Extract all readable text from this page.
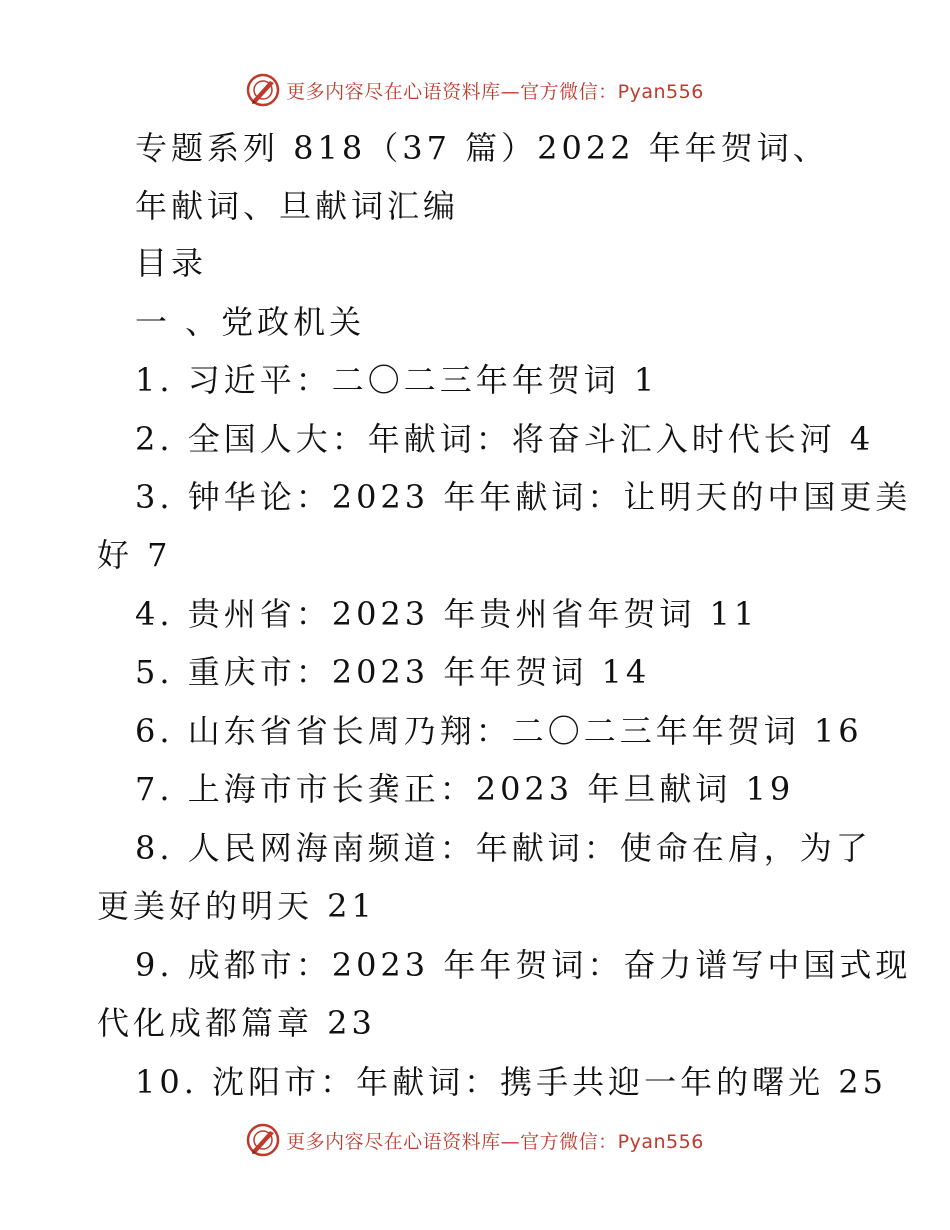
更多内容尽在心语资料库—官方微信：Pyan556
专题系列 818（37 篇）2022 年年贺词、
年献词、旦献词汇编
目录
一 、党政机关
1. 习近平：二〇二三年年贺词 1
2. 全国人大：年献词：将奋斗汇入时代长河 4
3. 钟华论：2023 年年献词：让明天的中国更美
好 7
4. 贵州省：2023 年贵州省年贺词 11
5. 重庆市：2023 年年贺词 14
6. 山东省省长周乃翔：二〇二三年年贺词 16
7. 上海市市长龚正：2023 年旦献词 19
8. 人民网海南频道：年献词：使命在肩，为了
更美好的明天 21
9. 成都市：2023 年年贺词：奋力谱写中国式现
代化成都篇章 23
10. 沈阳市：年献词：携手共迎一年的曙光 25
更多内容尽在心语资料库—官方微信：Pyan556
